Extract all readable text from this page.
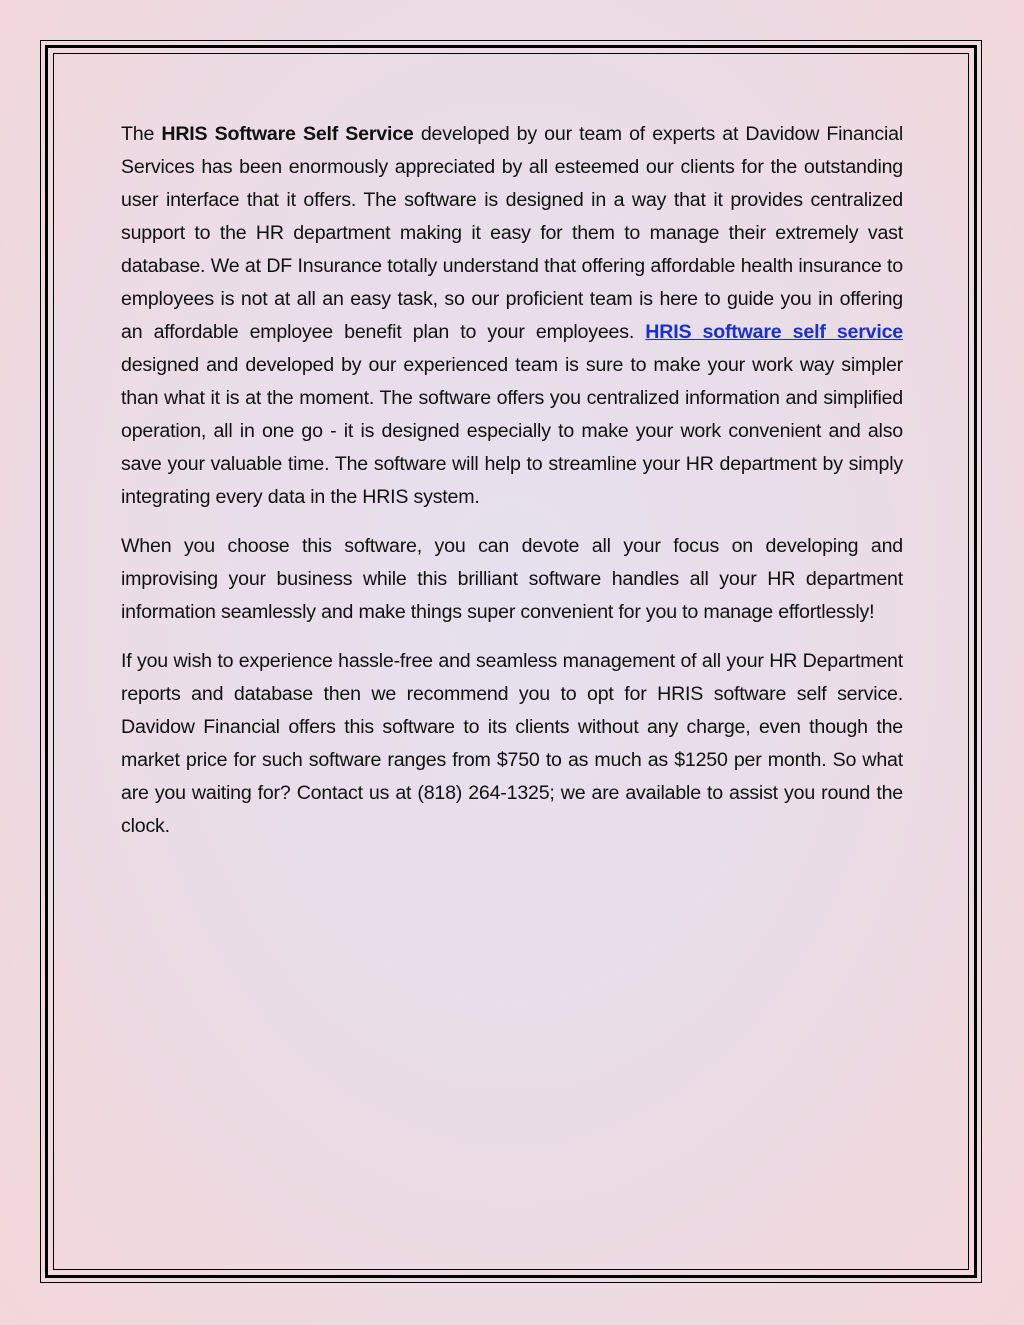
The HRIS Software Self Service developed by our team of experts at Davidow Financial Services has been enormously appreciated by all esteemed our clients for the outstanding user interface that it offers. The software is designed in a way that it provides centralized support to the HR department making it easy for them to manage their extremely vast database. We at DF Insurance totally understand that offering affordable health insurance to employees is not at all an easy task, so our proficient team is here to guide you in offering an affordable employee benefit plan to your employees. HRIS software self service designed and developed by our experienced team is sure to make your work way simpler than what it is at the moment. The software offers you centralized information and simplified operation, all in one go - it is designed especially to make your work convenient and also save your valuable time. The software will help to streamline your HR department by simply integrating every data in the HRIS system.

When you choose this software, you can devote all your focus on developing and improvising your business while this brilliant software handles all your HR department information seamlessly and make things super convenient for you to manage effortlessly!

If you wish to experience hassle-free and seamless management of all your HR Department reports and database then we recommend you to opt for HRIS software self service. Davidow Financial offers this software to its clients without any charge, even though the market price for such software ranges from $750 to as much as $1250 per month. So what are you waiting for? Contact us at (818) 264-1325; we are available to assist you round the clock.
